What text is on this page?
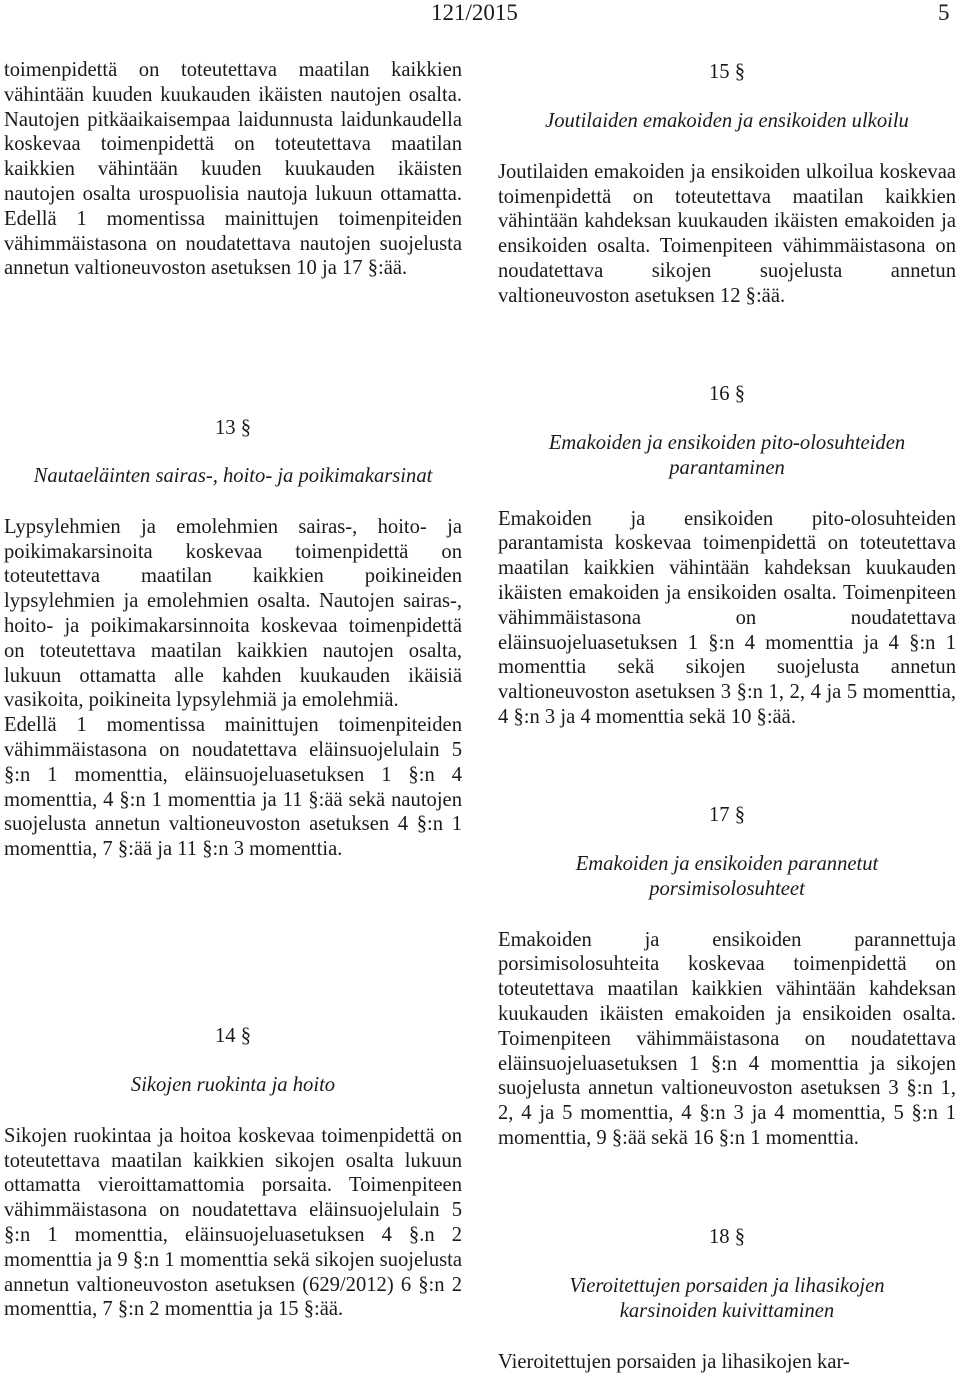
121/2015	5

toimenpidettä on toteutettava maatilan kaikkien vähintään kuuden kuukauden ikäisten nautojen osalta. Nautojen pitkäaikaisempaa laidunnusta laidunkaudella koskevaa toimenpidettä on toteutettava maatilan kaikkien vähintään kuuden kuukauden ikäisten nautojen osalta urospuolisia nautoja lukuun ottamatta. Edellä 1 momentissa mainittujen toimenpiteiden vähimmäistasona on noudatettava nautojen suojelusta annetun valtioneuvoston asetuksen 10 ja 17 §:ää.

13 §

Nautaeläinten sairas-, hoito- ja poikimakarsinat

Lypsylehmien ja emolehmien sairas-, hoito- ja poikimakarsinoita koskevaa toimenpidettä on toteutettava maatilan kaikkien poikineiden lypsylehmien ja emolehmien osalta. Nautojen sairas-, hoito- ja poikimakarsinnoita koskevaa toimenpidettä on toteutettava maatilan kaikkien nautojen osalta, lukuun ottamatta alle kahden kuukauden ikäisiä vasikoita, poikineita lypsylehmiä ja emolehmiä.

Edellä 1 momentissa mainittujen toimenpiteiden vähimmäistasona on noudatettava eläinsuojelulain 5 §:n 1 momenttia, eläinsuojeluasetuksen 1 §:n 4 momenttia, 4 §:n 1 momenttia ja 11 §:ää sekä nautojen suojelusta annetun valtioneuvoston asetuksen 4 §:n 1 momenttia, 7 §:ää ja 11 §:n 3 momenttia.

14 §

Sikojen ruokinta ja hoito

Sikojen ruokintaa ja hoitoa koskevaa toimenpidettä on toteutettava maatilan kaikkien sikojen osalta lukuun ottamatta vieroittamattomia porsaita. Toimenpiteen vähimmäistasona on noudatettava eläinsuojelulain 5 §:n 1 momenttia, eläinsuojeluasetuksen 4 §.n 2 momenttia ja 9 §:n 1 momenttia sekä sikojen suojelusta annetun valtioneuvoston asetuksen (629/2012) 6 §:n 2 momenttia, 7 §:n 2 momenttia ja 15 §:ää.

15 §

Joutilaiden emakoiden ja ensikoiden ulkoilu

Joutilaiden emakoiden ja ensikoiden ulkoilua koskevaa toimenpidettä on toteutettava maatilan kaikkien vähintään kahdeksan kuukauden ikäisten emakoiden ja ensikoiden osalta. Toimenpiteen vähimmäistasona on noudatettava sikojen suojelusta annetun valtioneuvoston asetuksen 12 §:ää.

16 §

Emakoiden ja ensikoiden pito-olosuhteiden parantaminen

Emakoiden ja ensikoiden pito-olosuhteiden parantamista koskevaa toimenpidettä on toteutettava maatilan kaikkien vähintään kahdeksan kuukauden ikäisten emakoiden ja ensikoiden osalta. Toimenpiteen vähimmäistasona on noudatettava eläinsuojeluasetuksen 1 §:n 4 momenttia ja 4 §:n 1 momenttia sekä sikojen suojelusta annetun valtioneuvoston asetuksen 3 §:n 1, 2, 4 ja 5 momenttia, 4 §:n 3 ja 4 momenttia sekä 10 §:ää.

17 §

Emakoiden ja ensikoiden parannetut porsimisolosuhteet

Emakoiden ja ensikoiden parannettuja porsimisolosuhteita koskevaa toimenpidettä on toteutettava maatilan kaikkien vähintään kahdeksan kuukauden ikäisten emakoiden ja ensikoiden osalta. Toimenpiteen vähimmäistasona on noudatettava eläinsuojeluasetuksen 1 §:n 4 momenttia ja sikojen suojelusta annetun valtioneuvoston asetuksen 3 §:n 1, 2, 4 ja 5 momenttia, 4 §:n 3 ja 4 momenttia, 5 §:n 1 momenttia, 9 §:ää sekä 16 §:n 1 momenttia.

18 §

Vieroitettujen porsaiden ja lihasikojen karsinoiden kuivittaminen

Vieroitettujen porsaiden ja lihasikojen kar-
